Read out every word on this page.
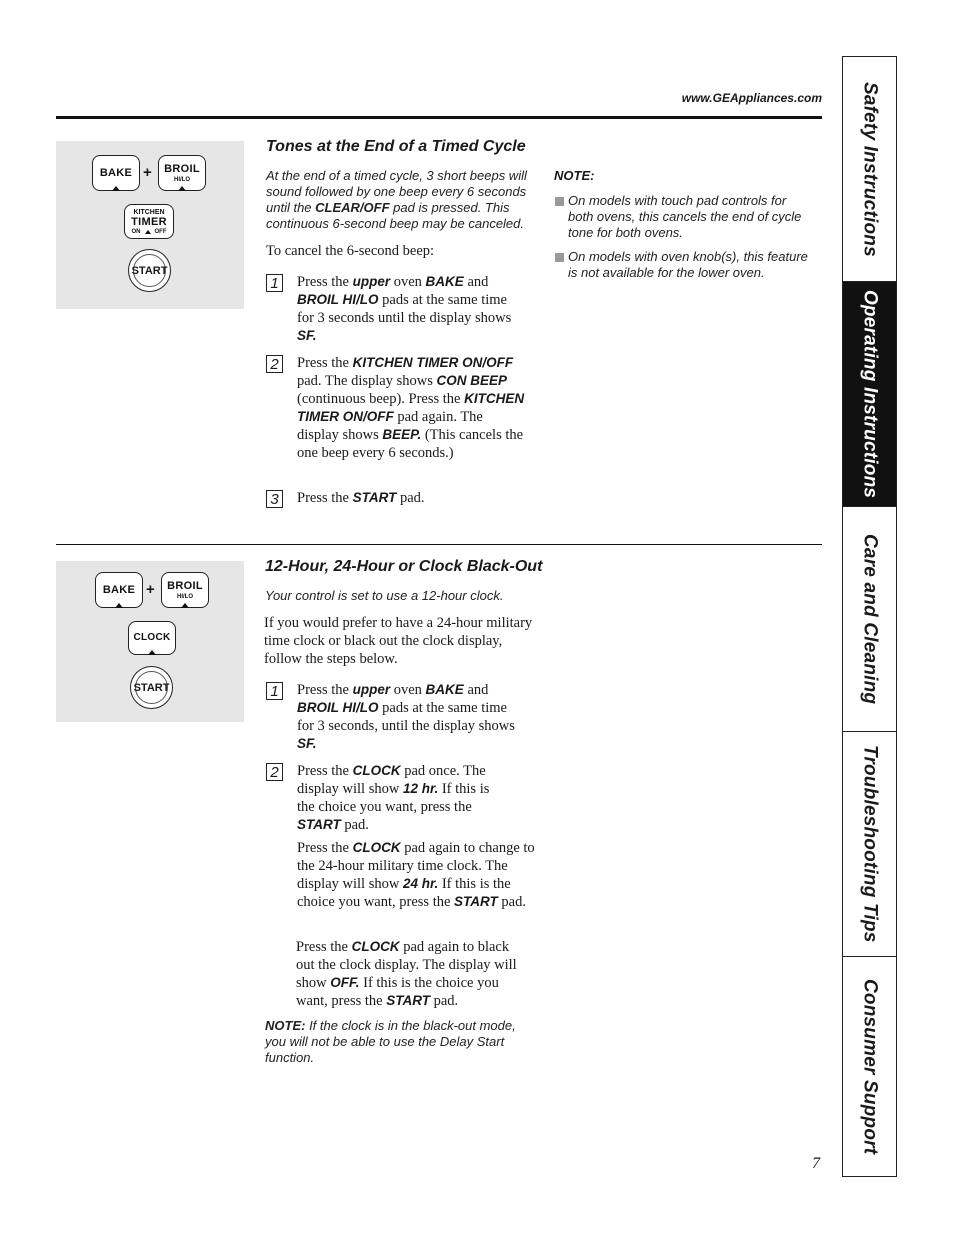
www.GEAppliances.com Safety Instructions
Operating Instructions
Care and Cleaning
Troubleshooting Tips
Consumer Support
BAKE + BROIL
HI/LO
KITCHEN
TIMER
ON OFF
START
Tones at the End of a Timed Cycle
At the end of a timed cycle, 3 short beeps will sound followed by one beep every 6 seconds until the CLEAR/OFF pad is pressed. This continuous 6-second beep may be canceled.
To cancel the 6-second beep:
1 Press the upper oven BAKE and BROIL HI/LO pads at the same time for 3 seconds until the display shows SF.
2 Press the KITCHEN TIMER ON/OFF pad. The display shows CON BEEP (continuous beep). Press the KITCHEN TIMER ON/OFF pad again. The display shows BEEP. (This cancels the one beep every 6 seconds.)
3 Press the START pad.
NOTE:
On models with touch pad controls for both ovens, this cancels the end of cycle tone for both ovens.
On models with oven knob(s), this feature is not available for the lower oven.
BAKE + BROIL
HI/LO
CLOCK
START
12-Hour, 24-Hour or Clock Black-Out
Your control is set to use a 12-hour clock.
If you would prefer to have a 24-hour military time clock or black out the clock display, follow the steps below.
1 Press the upper oven BAKE and BROIL HI/LO pads at the same time for 3 seconds, until the display shows SF.
2 Press the CLOCK pad once. The display will show 12 hr. If this is the choice you want, press the START pad.
Press the CLOCK pad again to change to the 24-hour military time clock. The display will show 24 hr. If this is the choice you want, press the START pad.
Press the CLOCK pad again to black out the clock display. The display will show OFF. If this is the choice you want, press the START pad.
NOTE: If the clock is in the black-out mode, you will not be able to use the Delay Start function.
7
